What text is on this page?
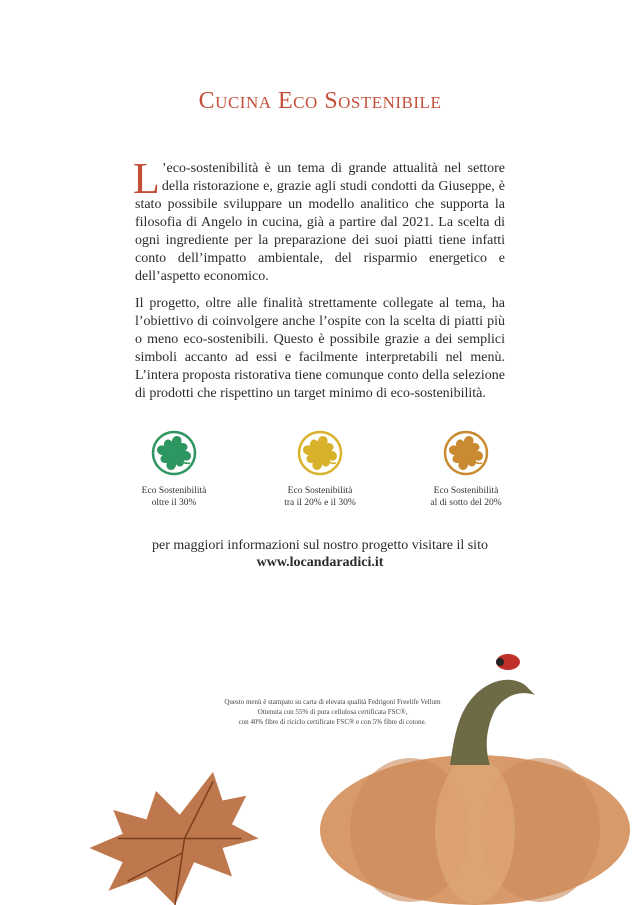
Cucina Eco Sostenibile

L ’eco-sostenibilità è un tema di grande attualità nel settore della ristorazione e, grazie agli studi condotti da Giuseppe, è stato possibile sviluppare un modello analitico che supporta la filosofia di Angelo in cucina, già a partire dal 2021. La scelta di ogni ingrediente per la preparazione dei suoi piatti tiene infatti conto dell’impatto ambientale, del risparmio energetico e dell’aspetto economico.

Il progetto, oltre alle finalità strettamente collegate al tema, ha l’obiettivo di coinvolgere anche l’ospite con la scelta di piatti più o meno eco-sostenibili. Questo è possibile grazie a dei semplici simboli accanto ad essi e facilmente interpretabili nel menù. L’intera proposta ristorativa tiene comunque conto della selezione di prodotti che rispettino un target minimo di eco-sostenibilità.

Eco Sostenibilità
oltre il 30%
Eco Sostenibilità
tra il 20% e il 30%
Eco Sostenibilità
al di sotto del 20%
per maggiori informazioni sul nostro progetto visitare il sito
www.locandaradici.it
Questo menù è stampato su carta di elevata qualità Fedrigoni Freelife Vellum
Ottenuta con 55% di pura cellulosa certificata FSC®,
con 40% fibre di riciclo certificate FSC® e con 5% fibre di cotone.
